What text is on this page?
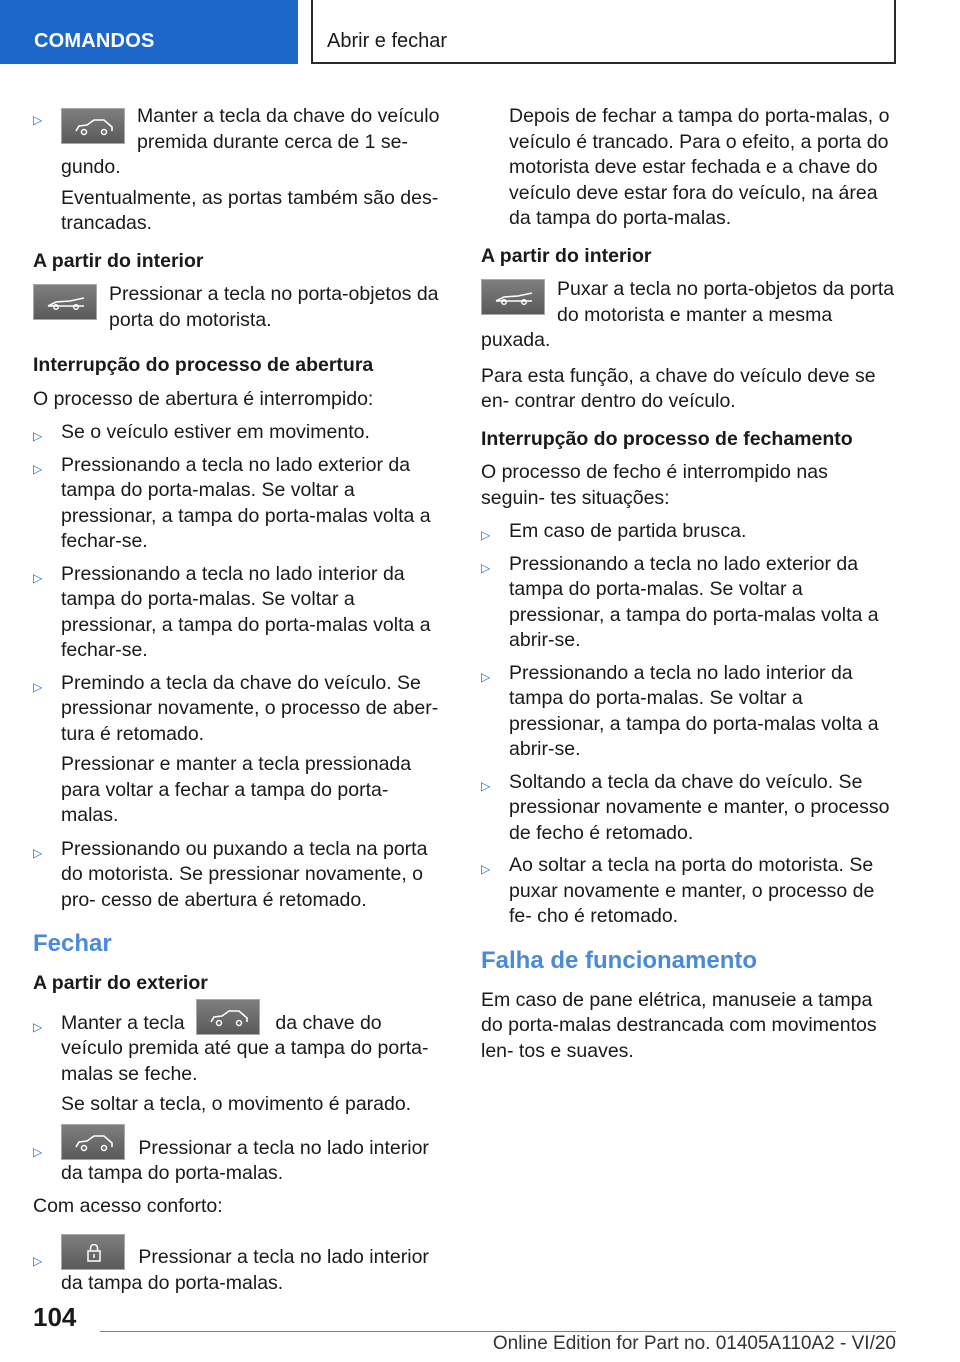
COMANDOS	Abrir e fechar
▷	Manter a tecla da chave do veículo premida durante cerca de 1 se- gundo.

Eventualmente, as portas também são des- trancadas.

A partir do interior

Pressionar a tecla no porta-objetos da porta do motorista.

Interrupção do processo de abertura

O processo de abertura é interrompido:

▷ Se o veículo estiver em movimento.
▷ Pressionando a tecla no lado exterior da tampa do porta-malas. Se voltar a pressionar, a tampa do porta-malas volta a fechar-se.
▷ Pressionando a tecla no lado interior da tampa do porta-malas. Se voltar a pressionar, a tampa do porta-malas volta a fechar-se.
▷ Premindo a tecla da chave do veículo. Se pressionar novamente, o processo de aber- tura é retomado.

Pressionar e manter a tecla pressionada para voltar a fechar a tampa do porta-malas.

▷ Pressionando ou puxando a tecla na porta do motorista. Se pressionar novamente, o pro- cesso de abertura é retomado.

Fechar

A partir do exterior

▷ Manter a tecla	da chave do veículo premida até que a tampa do porta-malas se feche.

Se soltar a tecla, o movimento é parado.

▷	Pressionar a tecla no lado interior da tampa do porta-malas.

Com acesso conforto:

▷	Pressionar a tecla no lado interior da tampa do porta-malas.

Depois de fechar a tampa do porta-malas, o veículo é trancado. Para o efeito, a porta do motorista deve estar fechada e a chave do veículo deve estar fora do veículo, na área da tampa do porta-malas.

A partir do interior

Puxar a tecla no porta-objetos da porta do motorista e manter a mesma puxada.

Para esta função, a chave do veículo deve se en- contrar dentro do veículo.

Interrupção do processo de fechamento

O processo de fecho é interrompido nas seguin- tes situações:

▷ Em caso de partida brusca.
▷ Pressionando a tecla no lado exterior da tampa do porta-malas. Se voltar a pressionar, a tampa do porta-malas volta a abrir-se.
▷ Pressionando a tecla no lado interior da tampa do porta-malas. Se voltar a pressionar, a tampa do porta-malas volta a abrir-se.
▷ Soltando a tecla da chave do veículo. Se pressionar novamente e manter, o processo de fecho é retomado.
▷ Ao soltar a tecla na porta do motorista. Se puxar novamente e manter, o processo de fe- cho é retomado.

Falha de funcionamento

Em caso de pane elétrica, manuseie a tampa do porta-malas destrancada com movimentos len- tos e suaves.

104
Online Edition for Part no. 01405A110A2 - VI/20
